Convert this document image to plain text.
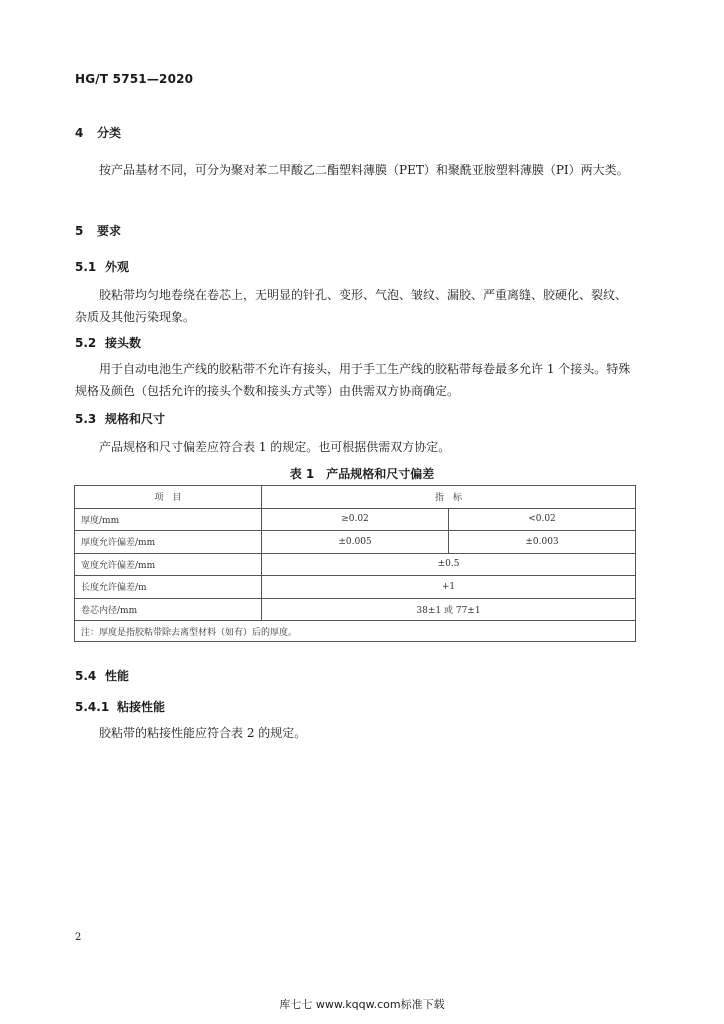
HG/T 5751—2020
4 分类
按产品基材不同，可分为聚对苯二甲酸乙二酯塑料薄膜（PET）和聚酰亚胺塑料薄膜（PI）两大类。
5 要求
5.1 外观
胶粘带均匀地卷绕在卷芯上，无明显的针孔、变形、气泡、皱纹、漏胶、严重离缝、胶硬化、裂纹、杂质及其他污染现象。
5.2 接头数
用于自动电池生产线的胶粘带不允许有接头，用于手工生产线的胶粘带每卷最多允许 1 个接头。特殊规格及颜色（包括允许的接头个数和接头方式等）由供需双方协商确定。
5.3 规格和尺寸
产品规格和尺寸偏差应符合表 1 的规定。也可根据供需双方协定。
表 1　产品规格和尺寸偏差
项　目	指　标	
厚度/mm	≥0.02	<0.02
厚度允许偏差/mm	±0.005	±0.003
宽度允许偏差/mm	±0.5	
长度允许偏差/m	+1	
卷芯内径/mm	38±1 或 77±1	
注：厚度是指胶粘带除去离型材料（如有）后的厚度。		
5.4 性能
5.4.1 粘接性能
胶粘带的粘接性能应符合表 2 的规定。
2
库七七 www.kqqw.com标准下载
